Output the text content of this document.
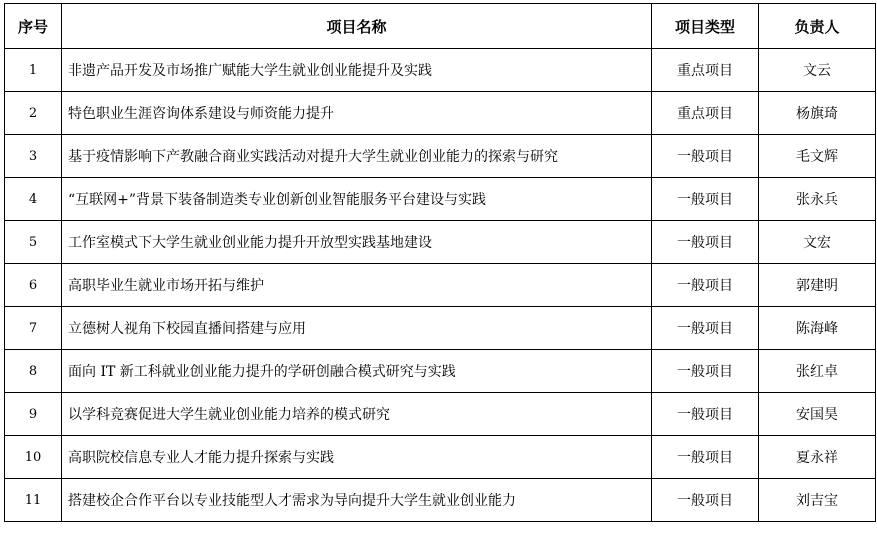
序号	项目名称	项目类型	负责人
1	非遗产品开发及市场推广赋能大学生就业创业能提升及实践	重点项目	文云
2	特色职业生涯咨询体系建设与师资能力提升	重点项目	杨旗琦
3	基于疫情影响下产教融合商业实践活动对提升大学生就业创业能力的探索与研究	一般项目	毛文辉
4	“互联网+”背景下装备制造类专业创新创业智能服务平台建设与实践	一般项目	张永兵
5	工作室模式下大学生就业创业能力提升开放型实践基地建设	一般项目	文宏
6	高职毕业生就业市场开拓与维护	一般项目	郭建明
7	立德树人视角下校园直播间搭建与应用	一般项目	陈海峰
8	面向 IT 新工科就业创业能力提升的学研创融合模式研究与实践	一般项目	张红卓
9	以学科竞赛促进大学生就业创业能力培养的模式研究	一般项目	安国昊
10	高职院校信息专业人才能力提升探索与实践	一般项目	夏永祥
11	搭建校企合作平台以专业技能型人才需求为导向提升大学生就业创业能力	一般项目	刘吉宝
